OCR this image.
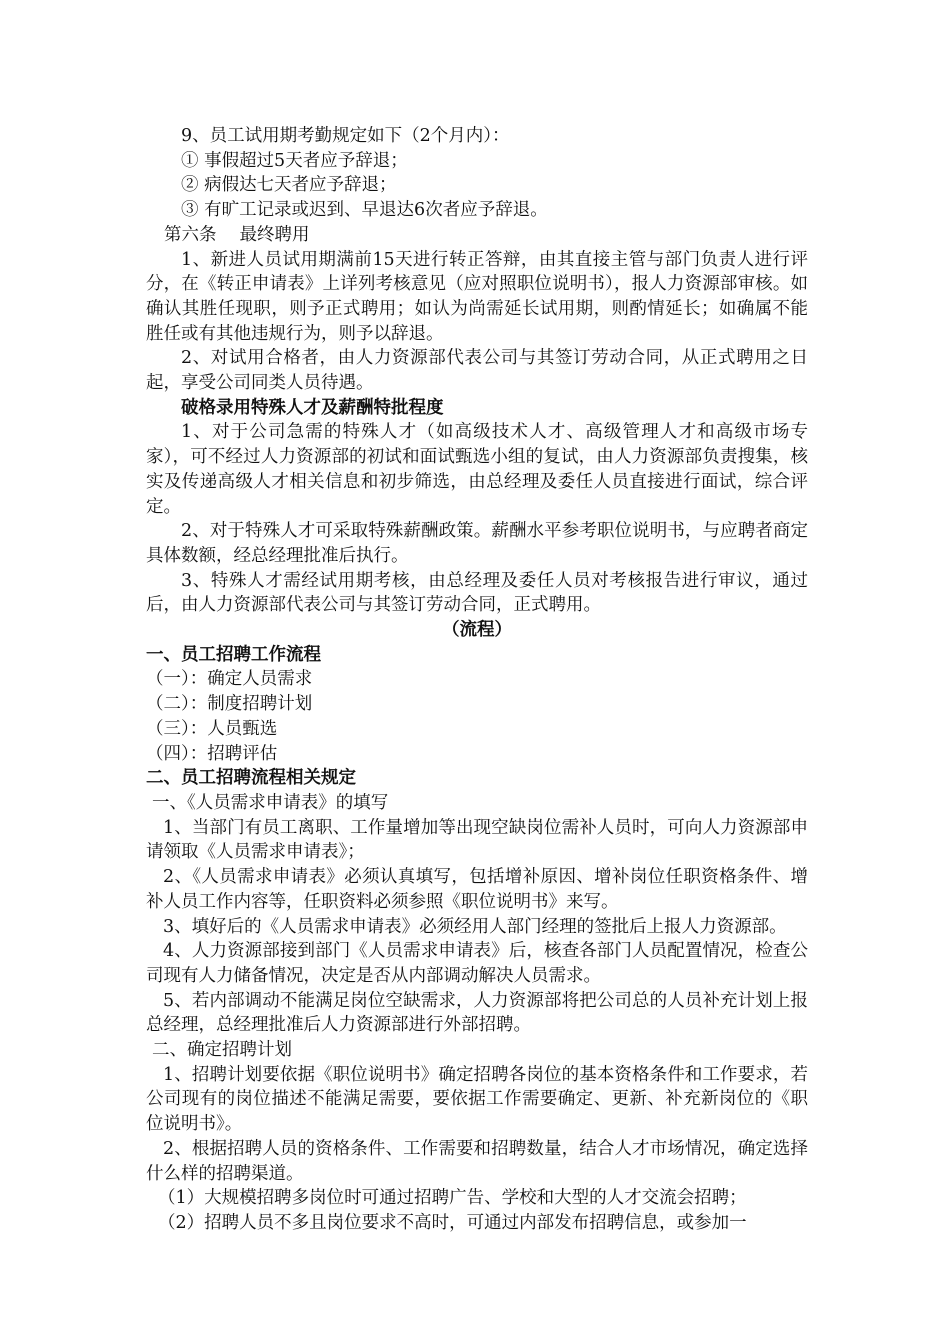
9、员工试用期考勤规定如下（2个月内）：
① 事假超过5天者应予辞退；
② 病假达七天者应予辞退；
③ 有旷工记录或迟到、早退达6次者应予辞退。
第六条　 最终聘用
1、新进人员试用期满前15天进行转正答辩，由其直接主管与部门负责人进行评分，在《转正申请表》上详列考核意见（应对照职位说明书），报人力资源部审核。如确认其胜任现职，则予正式聘用；如认为尚需延长试用期，则酌情延长；如确属不能胜任或有其他违规行为，则予以辞退。
2、对试用合格者，由人力资源部代表公司与其签订劳动合同，从正式聘用之日起，享受公司同类人员待遇。
破格录用特殊人才及薪酬特批程度
1、对于公司急需的特殊人才（如高级技术人才、高级管理人才和高级市场专家），可不经过人力资源部的初试和面试甄选小组的复试，由人力资源部负责搜集，核实及传递高级人才相关信息和初步筛选，由总经理及委任人员直接进行面试，综合评定。
2、对于特殊人才可采取特殊薪酬政策。薪酬水平参考职位说明书，与应聘者商定具体数额，经总经理批准后执行。
3、特殊人才需经试用期考核，由总经理及委任人员对考核报告进行审议，通过后，由人力资源部代表公司与其签订劳动合同，正式聘用。
（流程）
一、员工招聘工作流程
（一）：确定人员需求
（二）：制度招聘计划
（三）：人员甄选
（四）：招聘评估
二、员工招聘流程相关规定
一、《人员需求申请表》的填写
1、当部门有员工离职、工作量增加等出现空缺岗位需补人员时，可向人力资源部申请领取《人员需求申请表》；
2、《人员需求申请表》必须认真填写，包括增补原因、增补岗位任职资格条件、增补人员工作内容等，任职资料必须参照《职位说明书》来写。
3、填好后的《人员需求申请表》必须经用人部门经理的签批后上报人力资源部。
4、人力资源部接到部门《人员需求申请表》后，核查各部门人员配置情况，检查公司现有人力储备情况，决定是否从内部调动解决人员需求。
5、若内部调动不能满足岗位空缺需求，人力资源部将把公司总的人员补充计划上报总经理，总经理批准后人力资源部进行外部招聘。
二、确定招聘计划
1、招聘计划要依据《职位说明书》确定招聘各岗位的基本资格条件和工作要求，若公司现有的岗位描述不能满足需要，要依据工作需要确定、更新、补充新岗位的《职位说明书》。
2、根据招聘人员的资格条件、工作需要和招聘数量，结合人才市场情况，确定选择什么样的招聘渠道。
（1）大规模招聘多岗位时可通过招聘广告、学校和大型的人才交流会招聘；
（2）招聘人员不多且岗位要求不高时，可通过内部发布招聘信息，或参加一
